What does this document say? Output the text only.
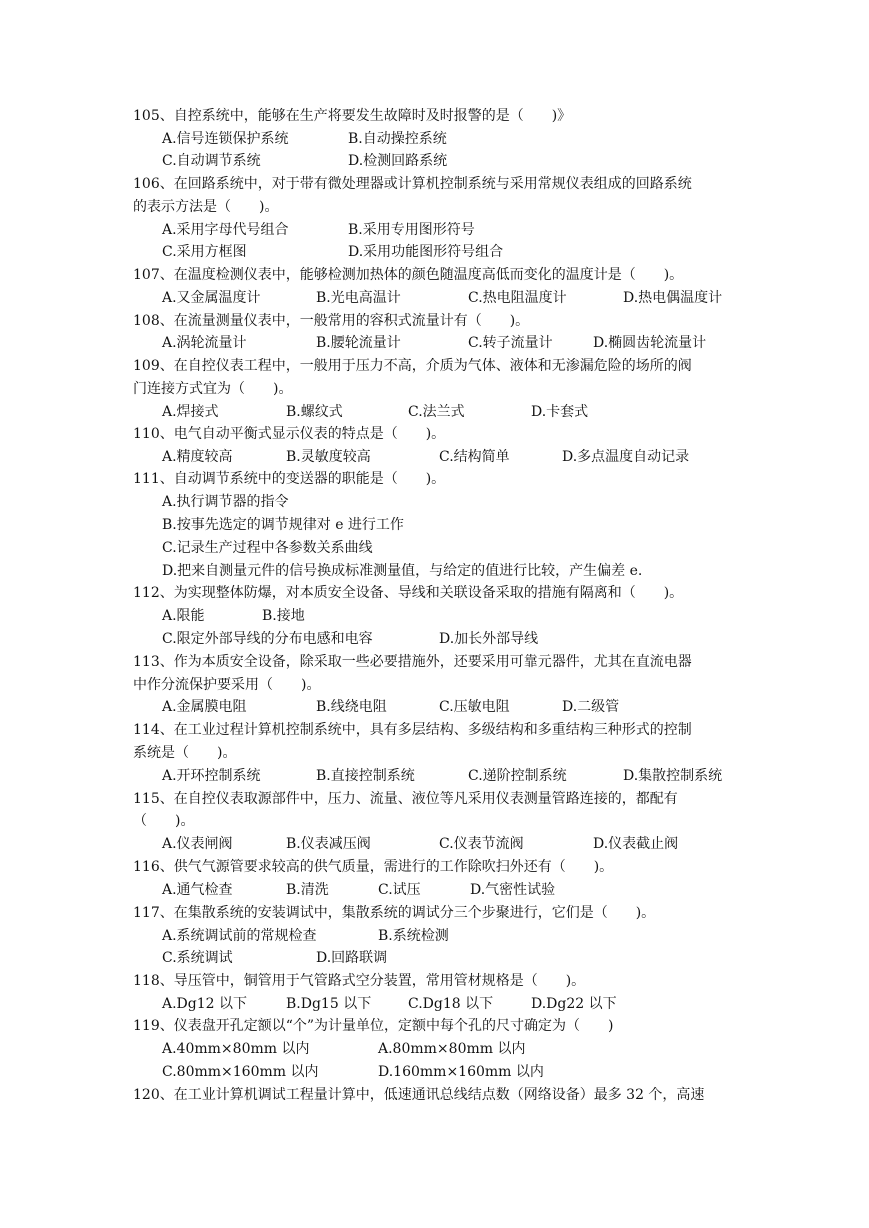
105、自控系统中，能够在生产将要发生故障时及时报警的是（　　)》
A.信号连锁保护系统	B.自动操控系统
C.自动调节系统	D.检测回路系统
106、在回路系统中，对于带有微处理器或计算机控制系统与采用常规仪表组成的回路系统
的表示方法是（　　)。
A.采用字母代号组合	B.采用专用图形符号
C.采用方框图	D.采用功能图形符号组合
107、在温度检测仪表中，能够检测加热体的颜色随温度高低而变化的温度计是（　　)。
A.又金属温度计	B.光电高温计	C.热电阻温度计	D.热电偶温度计
108、在流量测量仪表中，一般常用的容积式流量计有（　　)。
A.涡轮流量计	B.腰轮流量计	C.转子流量计	D.椭圆齿轮流量计
109、在自控仪表工程中，一般用于压力不高，介质为气体、液体和无渗漏危险的场所的阀
门连接方式宜为（　　)。
A.焊接式	B.螺纹式	C.法兰式	D.卡套式
110、电气自动平衡式显示仪表的特点是（　　)。
A.精度较高	B.灵敏度较高	C.结构简单	D.多点温度自动记录
111、自动调节系统中的变送器的职能是（　　)。
A.执行调节器的指令
B.按事先选定的调节规律对 e 进行工作
C.记录生产过程中各参数关系曲线
D.把来自测量元件的信号换成标准测量值，与给定的值进行比较，产生偏差 e.
112、为实现整体防爆，对本质安全设备、导线和关联设备采取的措施有隔离和（　　)。
A.限能	B.接地
C.限定外部导线的分布电感和电容	D.加长外部导线
113、作为本质安全设备，除采取一些必要措施外，还要采用可靠元器件，尤其在直流电器
中作分流保护要采用（　　)。
A.金属膜电阻	B.线绕电阻	C.压敏电阻	D.二级管
114、在工业过程计算机控制系统中，具有多层结构、多级结构和多重结构三种形式的控制
系统是（　　)。
A.开环控制系统	B.直接控制系统	C.递阶控制系统	D.集散控制系统
115、在自控仪表取源部件中，压力、流量、液位等凡采用仪表测量管路连接的，都配有
（　　)。
A.仪表闸阀	B.仪表减压阀	C.仪表节流阀	D.仪表截止阀
116、供气气源管要求较高的供气质量，需进行的工作除吹扫外还有（　　)。
A.通气检查	B.清洗	C.试压	D.气密性试验
117、在集散系统的安装调试中，集散系统的调试分三个步聚进行，它们是（　　)。
A.系统调试前的常规检查	B.系统检测
C.系统调试	D.回路联调
118、导压管中，铜管用于气管路式空分装置，常用管材规格是（　　)。
A.Dg12 以下	B.Dg15 以下	C.Dg18 以下	D.Dg22 以下
119、仪表盘开孔定额以“个”为计量单位，定额中每个孔的尺寸确定为（　　)
A.40mm×80mm 以内	A.80mm×80mm 以内
C.80mm×160mm 以内	D.160mm×160mm 以内
120、在工业计算机调试工程量计算中，低速通讯总线结点数（网络设备）最多 32 个，高速
